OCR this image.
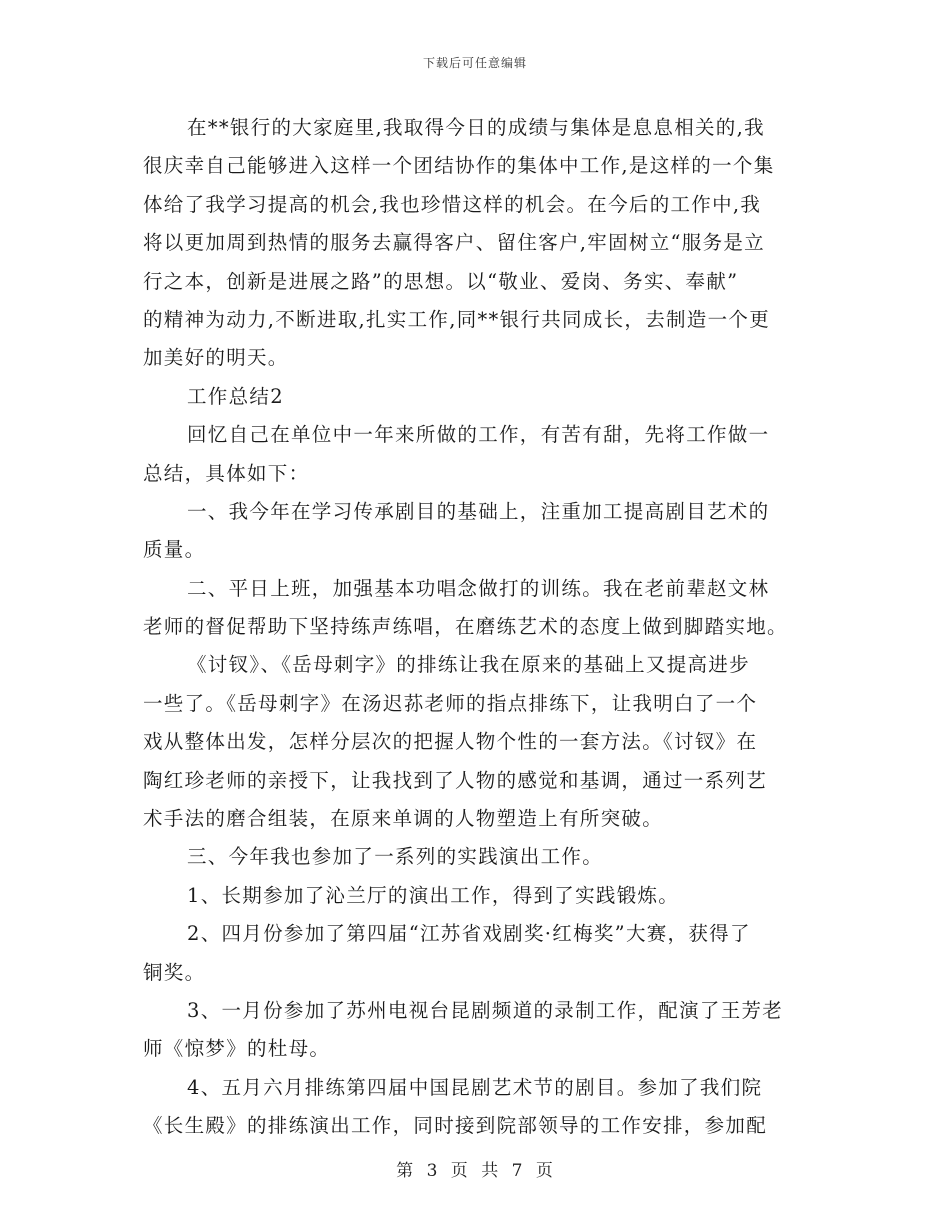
下载后可任意编辑
在**银行的大家庭里,我取得今日的成绩与集体是息息相关的,我
很庆幸自己能够进入这样一个团结协作的集体中工作,是这样的一个集
体给了我学习提高的机会,我也珍惜这样的机会。在今后的工作中,我
将以更加周到热情的服务去赢得客户、留住客户,牢固树立“服务是立
行之本，创新是进展之路”的思想。以“敬业、爱岗、务实、奉献”
的精神为动力,不断进取,扎实工作,同**银行共同成长，去制造一个更
加美好的明天。
工作总结2
回忆自己在单位中一年来所做的工作，有苦有甜，先将工作做一
总结，具体如下：
一、我今年在学习传承剧目的基础上，注重加工提高剧目艺术的
质量。
二、平日上班，加强基本功唱念做打的训练。我在老前辈赵文林
老师的督促帮助下坚持练声练唱，在磨练艺术的态度上做到脚踏实地。
《讨钗》、《岳母刺字》的排练让我在原来的基础上又提高进步
一些了。《岳母刺字》在汤迟荪老师的指点排练下，让我明白了一个
戏从整体出发，怎样分层次的把握人物个性的一套方法。《讨钗》在
陶红珍老师的亲授下，让我找到了人物的感觉和基调，通过一系列艺
术手法的磨合组装，在原来单调的人物塑造上有所突破。
三、今年我也参加了一系列的实践演出工作。
1、长期参加了沁兰厅的演出工作，得到了实践锻炼。
2、四月份参加了第四届“江苏省戏剧奖·红梅奖”大赛，获得了
铜奖。
3、一月份参加了苏州电视台昆剧频道的录制工作，配演了王芳老
师《惊梦》的杜母。
4、五月六月排练第四届中国昆剧艺术节的剧目。参加了我们院
《长生殿》的排练演出工作，同时接到院部领导的工作安排，参加配
第 3 页 共 7 页
